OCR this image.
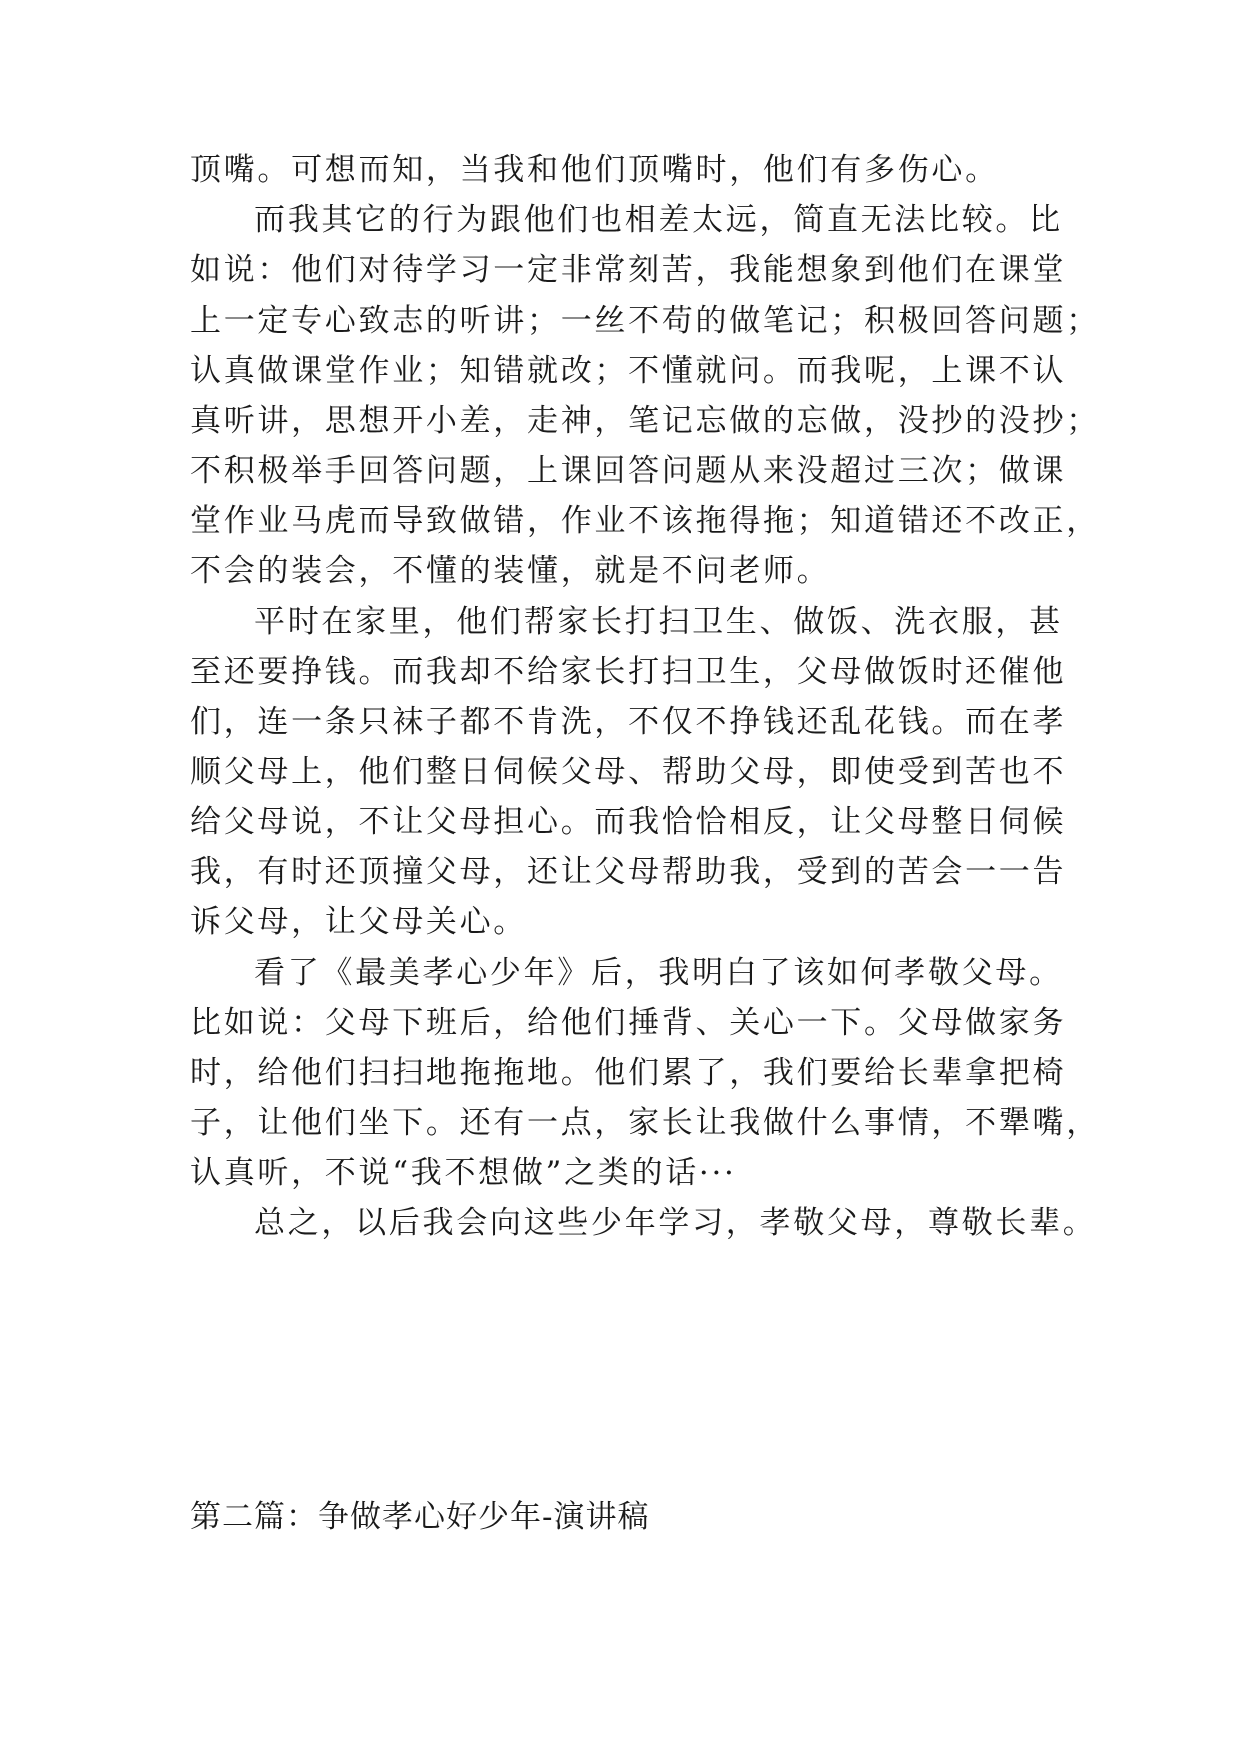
顶嘴。可想而知，当我和他们顶嘴时，他们有多伤心。
而我其它的行为跟他们也相差太远，简直无法比较。比
如说：他们对待学习一定非常刻苦，我能想象到他们在课堂
上一定专心致志的听讲；一丝不苟的做笔记；积极回答问题；
认真做课堂作业；知错就改；不懂就问。而我呢，上课不认
真听讲，思想开小差，走神，笔记忘做的忘做，没抄的没抄；
不积极举手回答问题，上课回答问题从来没超过三次；做课
堂作业马虎而导致做错，作业不该拖得拖；知道错还不改正，
不会的装会，不懂的装懂，就是不问老师。
平时在家里，他们帮家长打扫卫生、做饭、洗衣服，甚
至还要挣钱。而我却不给家长打扫卫生，父母做饭时还催他
们，连一条只袜子都不肯洗，不仅不挣钱还乱花钱。而在孝
顺父母上，他们整日伺候父母、帮助父母，即使受到苦也不
给父母说，不让父母担心。而我恰恰相反，让父母整日伺候
我，有时还顶撞父母，还让父母帮助我，受到的苦会一一告
诉父母，让父母关心。
看了《最美孝心少年》后，我明白了该如何孝敬父母。
比如说：父母下班后，给他们捶背、关心一下。父母做家务
时，给他们扫扫地拖拖地。他们累了，我们要给长辈拿把椅
子，让他们坐下。还有一点，家长让我做什么事情，不犟嘴，
认真听，不说“我不想做”之类的话···
总之，以后我会向这些少年学习，孝敬父母，尊敬长辈。
第二篇：争做孝心好少年-演讲稿
